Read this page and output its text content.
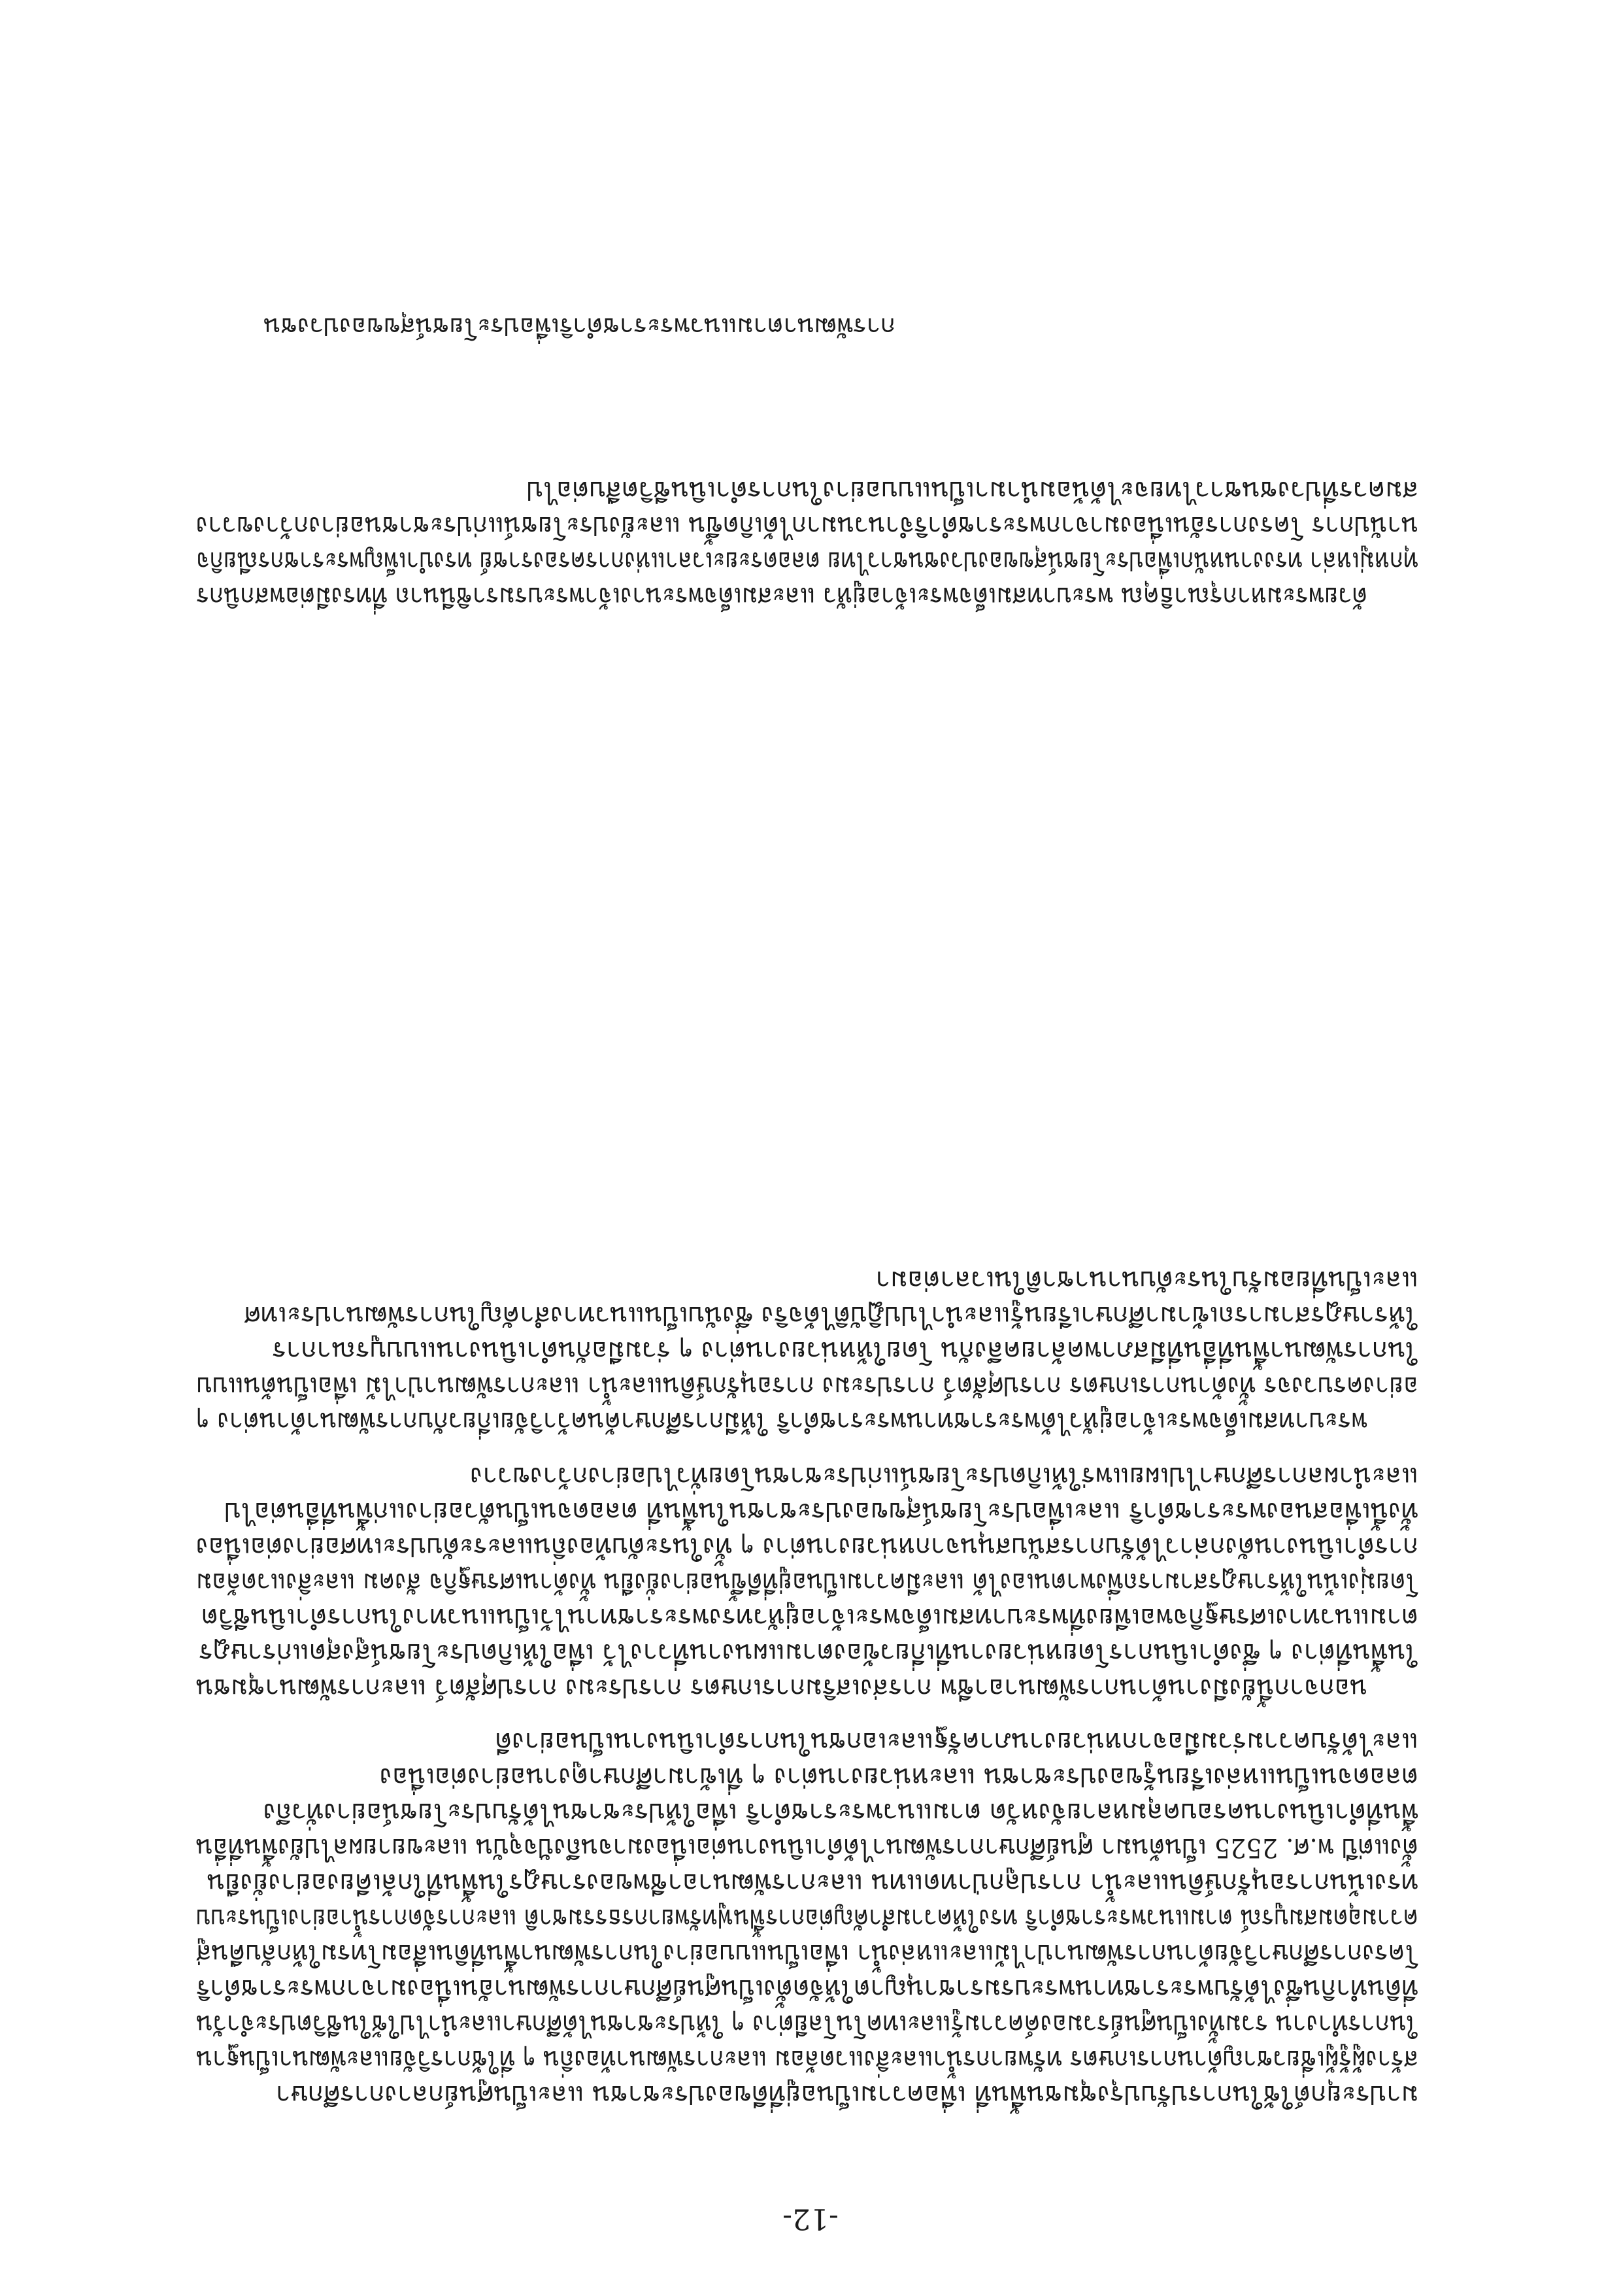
-12-
มาประยุกต์ใช้ในการปรับปรุงชุมชนพื้นที่ เพื่อความเป็นอยู่ที่ดีของประชาชน และเป็นศูนย์กลางการศึกษา
สร้างผู้รู้ผู้เชี่ยวชาญด้านการเกษตร ทรัพยากรน้ำและสิ่งแวดล้อม และการพัฒนาท้องถิ่น ๆ ที่ใช้การวิจัยและพัฒนาเป็นฐาน
ในการทำงาน รวมทั้งเป็นศูนย์รวมองค์ความรู้และเทคโนโลยีต่าง ๆ ให้ประชาชนได้ศึกษาและนำไปใช้ในชีวิตประจำวัน
ที่ดินทำกินซึ่งได้รับพระราชทานพระบรมราชานุญาตให้จัดตั้งเป็นศูนย์ศึกษาการพัฒนาอันเนื่องมาจากพระราชดำริ
โครงการศึกษาวิจัยด้านการพัฒนาป่าไม้และแหล่งน้ำ เพื่อเป็นแบบอย่างในการพัฒนาพื้นที่ดินเสื่อมโทรมให้กลับคืนสู่
ความอุดมสมบูรณ์ ตามแนวพระราชดำริ ทรงให้ความสำคัญต่อการฟื้นฟูทรัพยากรธรรมชาติ และการจัดการน้ำอย่างเป็นระบบ
ทรงเน้นการอนุรักษ์ดินและน้ำ การปลูกป่าทดแทน และการพัฒนาอาชีพของราษฎรในพื้นที่ใกล้เคียงอย่างยั่งยืน
ตั้งแต่ปี พ.ศ. 2525 เป็นต้นมา ศูนย์ศึกษาการพัฒนาได้ดำเนินงานต่อเนื่องมาจนถึงปัจจุบัน และขยายผลไปยังพื้นที่อื่น
พื้นที่ดำเนินงานครอบคลุมหลายจังหวัด ตามแนวพระราชดำริ เพื่อให้ประชาชนได้รับประโยชน์อย่างทั่วถึง
ตลอดจนเป็นแหล่งเรียนรู้ของประชาชน และหน่วยงานต่าง ๆ ที่เข้ามาศึกษาดูงานอย่างต่อเนื่อง
และได้รับความร่วมมือจากหน่วยงานภาครัฐและเอกชนในการดำเนินงานเป็นอย่างดี
นอกจากนี้ยังมีงานด้านการพัฒนาอาชีพ การส่งเสริมการเกษตร การประมง การปศุสัตว์ และการพัฒนาชุมชน
ในพื้นที่ต่าง ๆ ซึ่งดำเนินการโดยหน่วยงานที่เกี่ยวข้องตามแผนงานที่วางไว้ เพื่อให้เกิดประโยชน์สูงสุดแก่ราษฎร
ตามแนวทางเศรษฐกิจพอเพียงที่พระบาทสมเด็จพระเจ้าอยู่หัวทรงพระราชทานไว้เป็นแนวทางในการดำเนินชีวิต
โดยมุ่งเน้นให้ราษฎรสามารถพึ่งพาตนเองได้ และมีความเป็นอยู่ที่ดีขึ้นอย่างยั่งยืน ทั้งด้านเศรษฐกิจ สังคม และสิ่งแวดล้อม
การดำเนินงานดังกล่าวได้รับการสนับสนุนจากหน่วยงานต่าง ๆ ทั้งในระดับท้องถิ่นและระดับประเทศอย่างต่อเนื่อง
ทั้งนี้เพื่อสนองพระราชดำริ และเพื่อประโยชน์สุขของประชาชนในพื้นที่ ตลอดจนเป็นตัวอย่างแก่พื้นที่อื่นต่อไป
และนำผลการศึกษาไปเผยแพร่ให้เกิดประโยชน์แก่ประชาชนโดยทั่วไปอย่างกว้างขวาง
พระบาทสมเด็จพระเจ้าอยู่หัวได้พระราชทานพระราชดำริ ให้มีการศึกษาค้นคว้าวิจัยเกี่ยวกับการพัฒนาด้านต่าง ๆ
อย่างครบวงจร ทั้งด้านการเกษตร การปศุสัตว์ การประมง การอนุรักษ์ดินและน้ำ และการพัฒนาป่าไม้ เพื่อเป็นต้นแบบ
ในการพัฒนาพื้นที่อื่นที่มีสภาพคล้ายคลึงกัน โดยให้หน่วยงานต่าง ๆ ร่วมมือกันดำเนินงานแบบบูรณาการ
ให้ราษฎรสามารถเข้ามาศึกษาเรียนรู้และนำไปปฏิบัติได้จริง ซึ่งนับเป็นแนวทางสำคัญในการพัฒนาประเทศ
และเป็นที่ยอมรับในระดับนานาชาติในเวลาต่อมา
ด้วยพระมหากรุณาธิคุณ พระบาทสมเด็จพระเจ้าอยู่หัว และสมเด็จพระนางเจ้าพระบรมราชินีนาถ ที่ทรงมีต่อพสกนิกร
ทุกหมู่เหล่า ทรงงานหนักเพื่อประโยชน์สุขของปวงชนชาวไทย ตลอดระยะเวลาแห่งการครองราชย์ ทรงบำเพ็ญพระราชกรณียกิจ
นานัปการ โครงการอันเนื่องมาจากพระราชดำริจำนวนมากได้เกิดขึ้น และยังประโยชน์แก่ประชาชนอย่างกว้างขวาง
สมควรที่ปวงชนชาวไทยจะได้น้อมนำมาเป็นแบบอย่างในการดำเนินชีวิตสืบต่อไป
การพัฒนาตามแนวพระราชดำริเพื่อประโยชน์สุขของปวงชน
